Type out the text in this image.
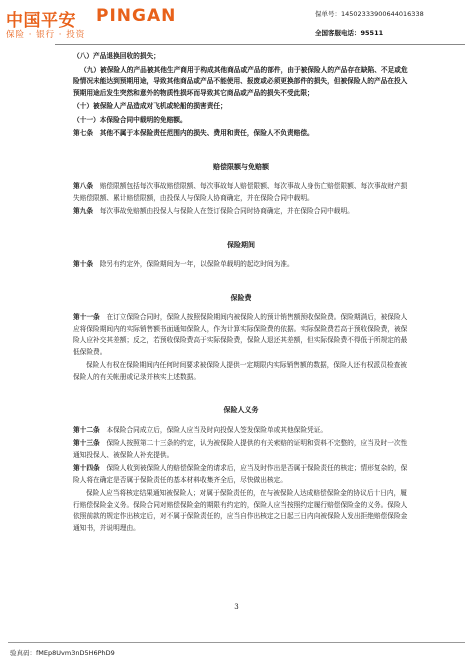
中国平安 PINGAN
保险 · 银行 · 投资
保单号：14502333900644016338
全国客服电话：95511

（八）产品退换回收的损失；

（九）被保险人的产品被其他生产商用于构成其他商品或产品的部件，由于被保险人的产品存在缺陷、不足或危险情况未能达到预期用途，导致其他商品或产品不能使用、报废或必须更换部件的损失，但被保险人的产品在投入预期用途后发生突然和意外的物质性损坏而导致其它商品或产品的损失不受此限；

（十）被保险人产品造成对飞机或轮船的损害责任；

（十一）本保险合同中载明的免赔额。

第七条　 其他不属于本保险责任范围内的损失、费用和责任，保险人不负责赔偿。

赔偿限额与免赔额

第八条　 赔偿限额包括每次事故赔偿限额、每次事故每人赔偿限额、每次事故人身伤亡赔偿限额、每次事故财产损失赔偿限额、累计赔偿限额，由投保人与保险人协商确定，并在保险合同中载明。

第九条　 每次事故免赔额由投保人与保险人在签订保险合同时协商确定，并在保险合同中载明。

保险期间

第十条　 除另有约定外，保险期间为一年，以保险单载明的起讫时间为准。

保险费

第十一条　 在订立保险合同时，保险人按照保险期间内被保险人的预计销售额预收保险费。保险期满后，被保险人应将保险期间内的实际销售额书面通知保险人，作为计算实际保险费的依据。实际保险费若高于预收保险费，被保险人应补交其差额；反之，若预收保险费高于实际保险费，保险人退还其差额，但实际保险费不得低于所规定的最低保险费。

保险人有权在保险期间内任何时间要求被保险人提供一定期限内实际销售额的数据，保险人还有权派员检查被保险人的有关帐册或记录并核实上述数据。

保险人义务

第十二条　 本保险合同成立后，保险人应当及时向投保人签发保险单或其他保险凭证。

第十三条　 保险人按照第二十三条的约定，认为被保险人提供的有关索赔的证明和资料不完整的，应当及时一次性通知投保人、被保险人补充提供。

第十四条　 保险人收到被保险人的赔偿保险金的请求后，应当及时作出是否属于保险责任的核定；情形复杂的，保险人将在确定是否属于保险责任的基本材料收集齐全后，尽快做出核定。

保险人应当将核定结果通知被保险人；对属于保险责任的，在与被保险人达成赔偿保险金的协议后十日内，履行赔偿保险金义务。保险合同对赔偿保险金的期限有约定的，保险人应当按照约定履行赔偿保险金的义务。保险人依照前款的规定作出核定后，对不属于保险责任的，应当自作出核定之日起三日内向被保险人发出拒绝赔偿保险金通知书，并说明理由。

3
验真码：fMEp8Uvm3nD5H6PhD9
